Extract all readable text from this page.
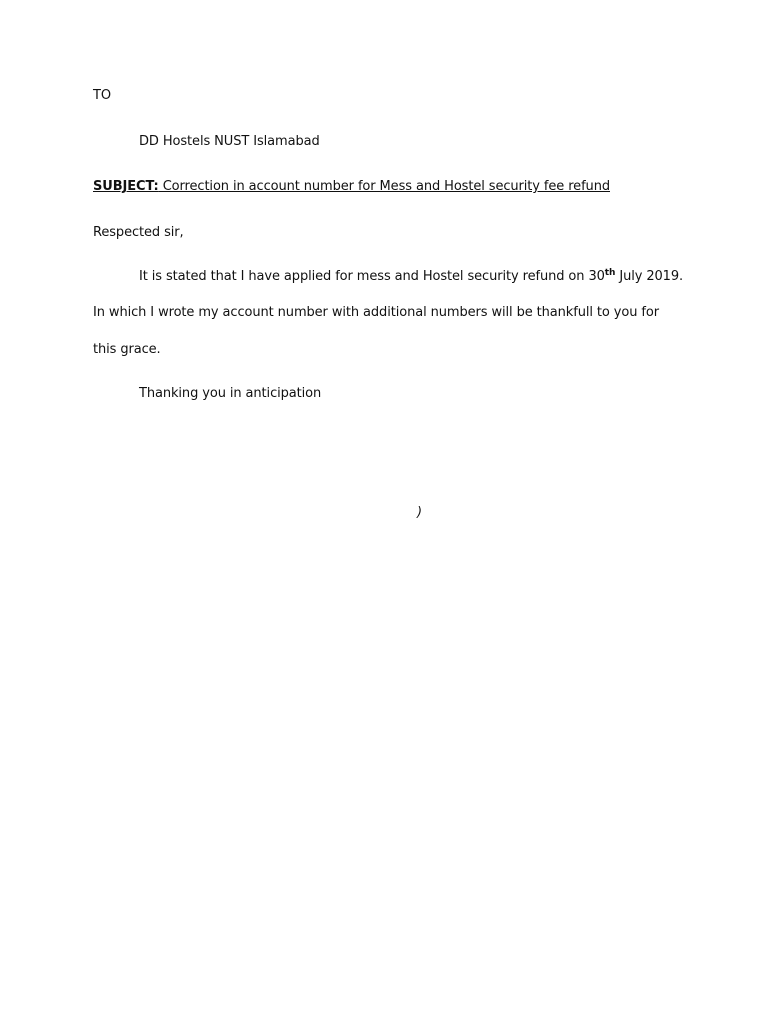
TO
DD Hostels NUST Islamabad
SUBJECT: Correction in account number for Mess and Hostel security fee refund
Respected sir,
It is stated that I have applied for mess and Hostel security refund on 30th July 2019.
In which I wrote my account number with additional numbers will be thankfull to you for
this grace.
Thanking you in anticipation
)
